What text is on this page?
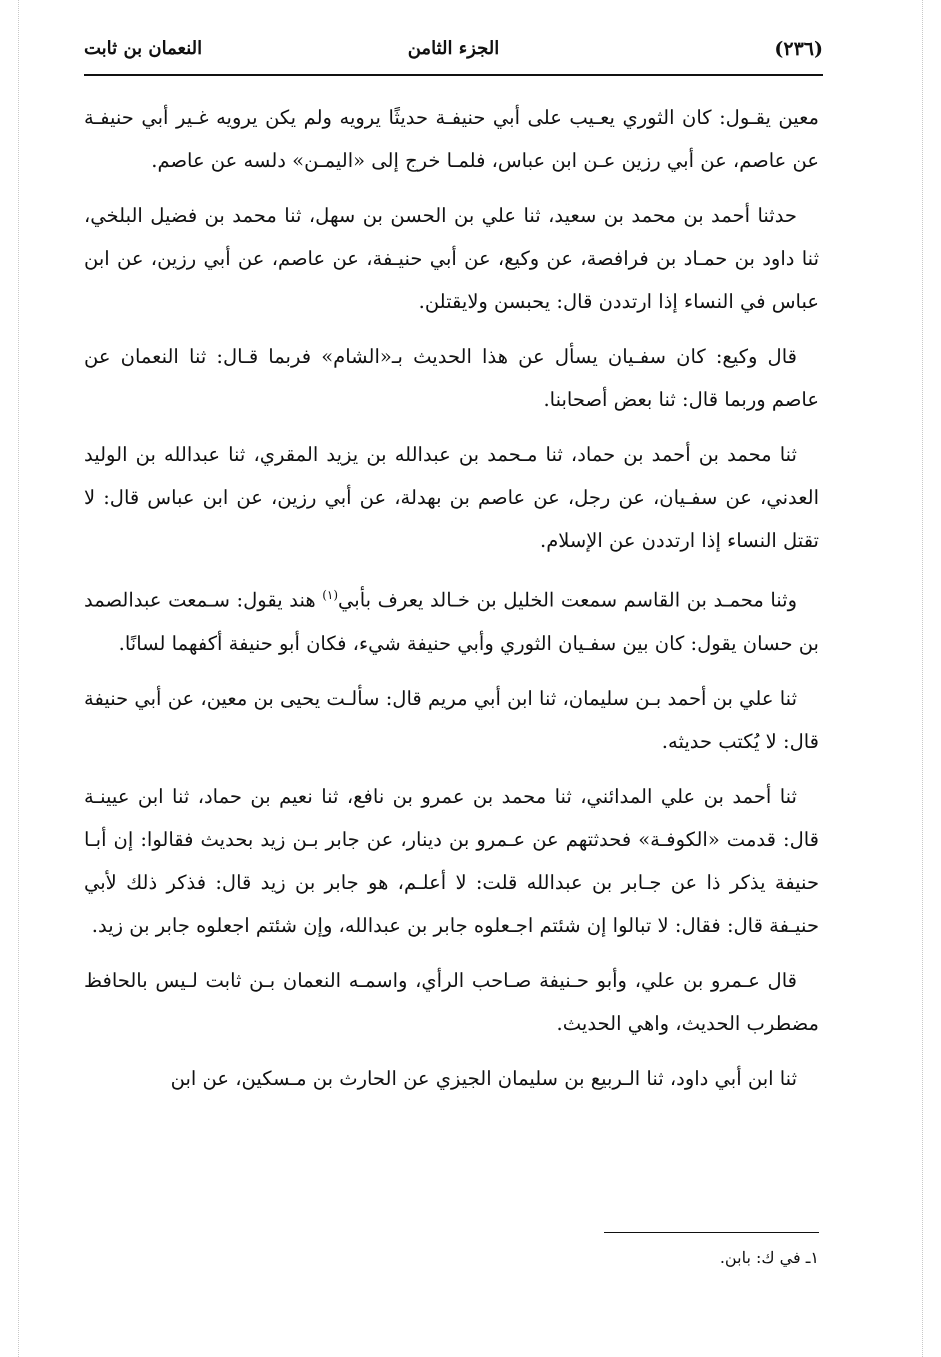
(٢٣٦)
الجزء الثامن
النعمان بن ثابت

معين يقـول: كان الثوري يعـيب على أبي حنيفـة حديثًا يرويه ولم يكن يرويه غـير أبي حنيفـة عن عاصم، عن أبي رزين عـن ابن عباس، فلمـا خرج إلى «اليمـن» دلسه عن عاصم.

حدثنا أحمد بن محمد بن سعيد، ثنا علي بن الحسن بن سهل، ثنا محمد بن فضيل البلخي، ثنا داود بن حمـاد بن فرافصة، عن وكيع، عن أبي حنيـفة، عن عاصم، عن أبي رزين، عن ابن عباس في النساء إذا ارتددن قال: يحبسن ولايقتلن.

قال وكيع: كان سفـيان يسأل عن هذا الحديث بـ«الشام» فربما قـال: ثنا النعمان عن عاصم وربما قال: ثنا بعض أصحابنا.

ثنا محمد بن أحمد بن حماد، ثنا مـحمد بن عبدالله بن يزيد المقري، ثنا عبدالله بن الوليد العدني، عن سفـيان، عن رجل، عن عاصم بن بهدلة، عن أبي رزين، عن ابن عباس قال: لا تقتل النساء إذا ارتددن عن الإسلام.

وثنا محمـد بن القاسم سمعت الخليل بن خـالد يعرف بأبي$^{(١)}$ هند يقول: سـمعت عبدالصمد بن حسان يقول: كان بين سفـيان الثوري وأبي حنيفة شيء، فكان أبو حنيفة أكفهما لسانًا.

ثنا علي بن أحمد بـن سليمان، ثنا ابن أبي مريم قال: سألـت يحيى بن معين، عن أبي حنيفة قال: لا يُكتب حديثه.

ثنا أحمد بن علي المدائني، ثنا محمد بن عمرو بن نافع، ثنا نعيم بن حماد، ثنا ابن عيينـة قال: قدمت «الكوفـة» فحدثتهم عن عـمرو بن دينار، عن جابر بـن زيد بحديث فقالوا: إن أبـا حنيفة يذكر ذا عن جـابر بن عبدالله قلت: لا أعلـم، هو جابر بن زيد قال: فذكر ذلك لأبي حنيـفة قال: فقال: لا تبالوا إن شئتم اجـعلوه جابر بن عبدالله، وإن شئتم اجعلوه جابر بن زيد.

قال عـمرو بن علي، وأبو حـنيفة صـاحب الرأي، واسمـه النعمان بـن ثابت لـيس بالحافظ مضطرب الحديث، واهي الحديث.

ثنا ابن أبي داود، ثنا الـربيع بن سليمان الجيزي عن الحارث بن مـسكين، عن ابن

١ـ في ك: بابن.
